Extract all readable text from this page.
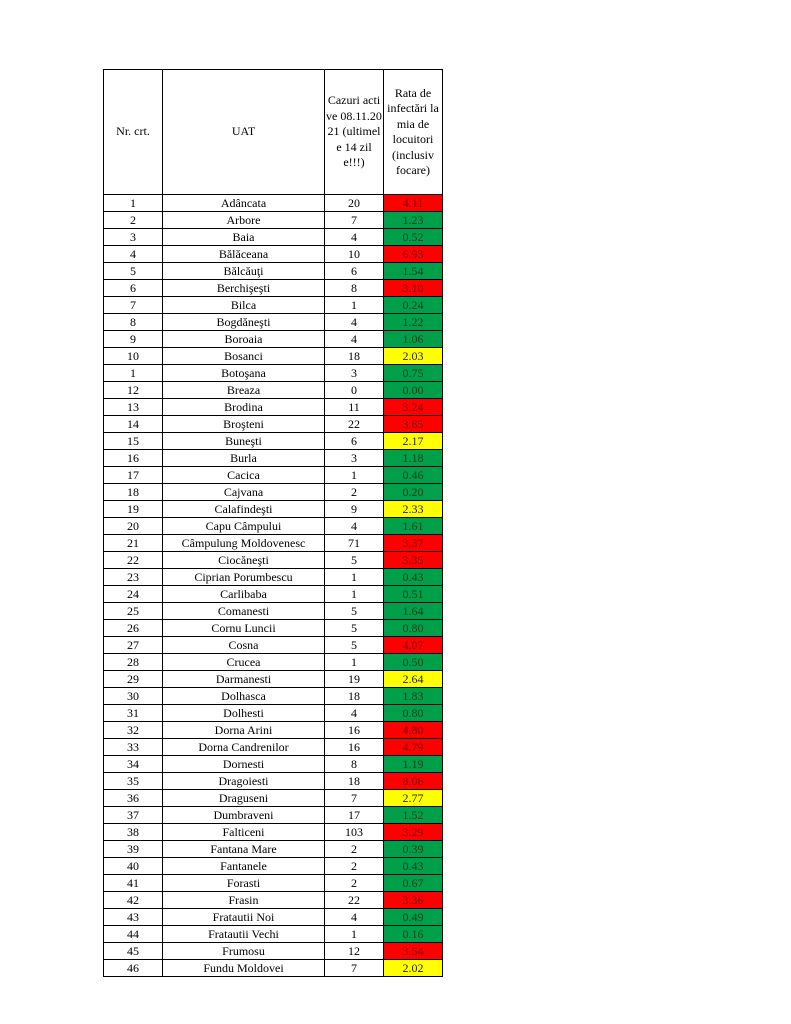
Nr. crt.	UAT	Cazuri active 08.11.2021 (ultimele 14 zile!!!)	Rata de infectări la mia de locuitori (inclusiv focare)
1	Adâncata	20	4.11
2	Arbore	7	1.23
3	Baia	4	0.52
4	Bălăceana	10	6.93
5	Bălcăuţi	6	1.54
6	Berchişeşti	8	3.10
7	Bilca	1	0.24
8	Bogdăneşti	4	1.22
9	Boroaia	4	1.06
10	Bosanci	18	2.03
1	Botoşana	3	0.75
12	Breaza	0	0.00
13	Brodina	11	3.24
14	Broşteni	22	3.65
15	Buneşti	6	2.17
16	Burla	3	1.18
17	Cacica	1	0.46
18	Cajvana	2	0.20
19	Calafindeşti	9	2.33
20	Capu Câmpului	4	1.61
21	Câmpulung Moldovenesc	71	3.37
22	Ciocăneşti	5	3.35
23	Ciprian Porumbescu	1	0.43
24	Carlibaba	1	0.51
25	Comanesti	5	1.64
26	Cornu Luncii	5	0.80
27	Cosna	5	4.07
28	Crucea	1	0.50
29	Darmanesti	19	2.64
30	Dolhasca	18	1.83
31	Dolhesti	4	0.80
32	Dorna Arini	16	4.80
33	Dorna Candrenilor	16	4.79
34	Dornesti	8	1.19
35	Dragoiesti	18	8.06
36	Draguseni	7	2.77
37	Dumbraveni	17	1.52
38	Falticeni	103	3.29
39	Fantana Mare	2	0.39
40	Fantanele	2	0.43
41	Forasti	2	0.67
42	Frasin	22	3.36
43	Fratautii Noi	4	0.49
44	Fratautii Vechi	1	0.16
45	Frumosu	12	3.54
46	Fundu Moldovei	7	2.02
